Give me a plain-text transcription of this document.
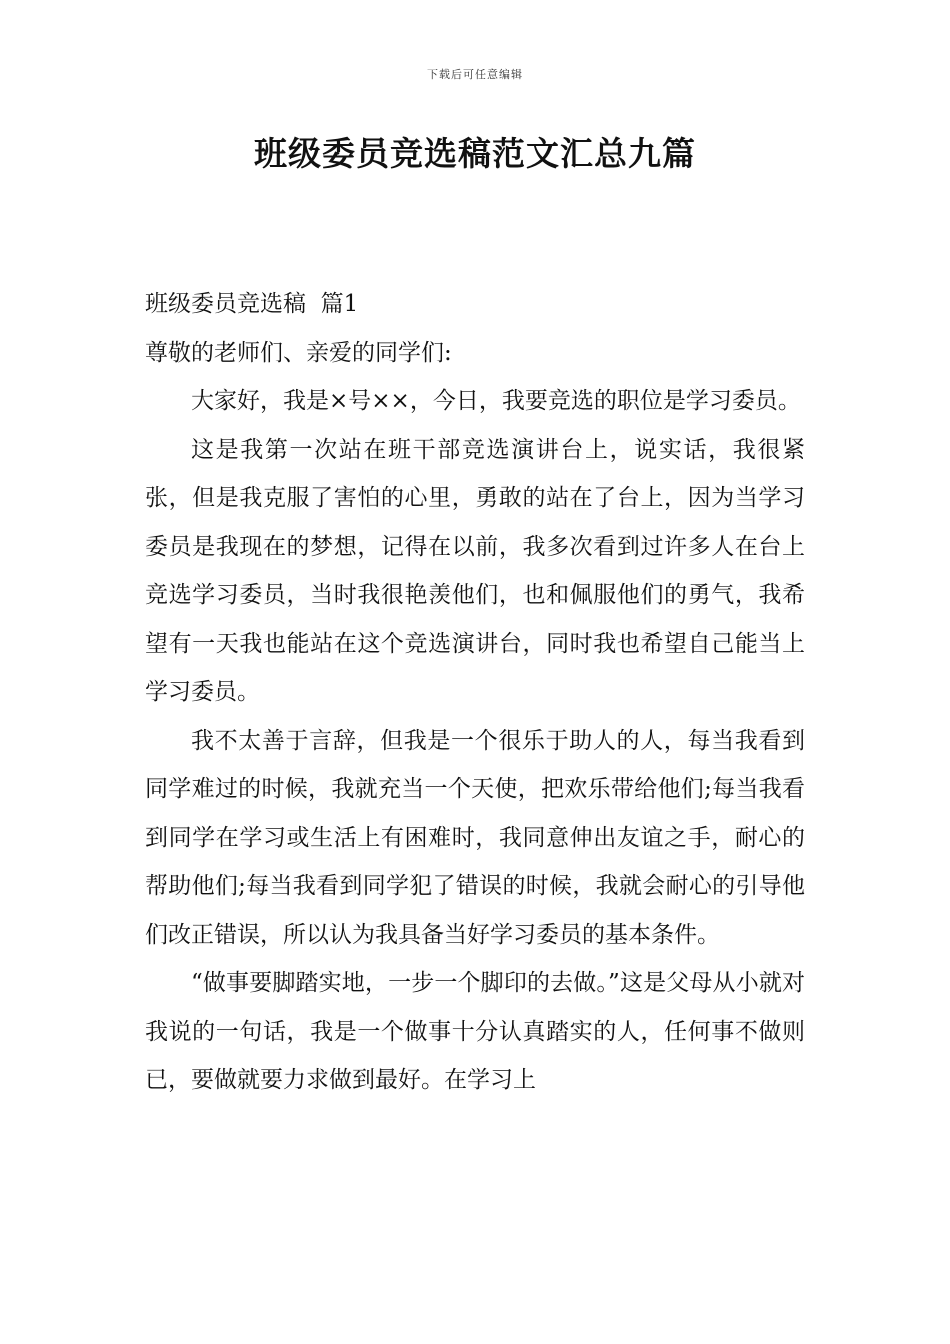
下载后可任意编辑
班级委员竞选稿范文汇总九篇

班级委员竞选稿  篇1

尊敬的老师们、亲爱的同学们:

大家好，我是×号××，今日，我要竞选的职位是学习委员。

这是我第一次站在班干部竞选演讲台上，说实话，我很紧张，但是我克服了害怕的心里，勇敢的站在了台上，因为当学习委员是我现在的梦想，记得在以前，我多次看到过许多人在台上竞选学习委员，当时我很艳羡他们，也和佩服他们的勇气，我希望有一天我也能站在这个竞选演讲台，同时我也希望自己能当上学习委员。

我不太善于言辞，但我是一个很乐于助人的人，每当我看到同学难过的时候，我就充当一个天使，把欢乐带给他们;每当我看到同学在学习或生活上有困难时，我同意伸出友谊之手，耐心的帮助他们;每当我看到同学犯了错误的时候，我就会耐心的引导他们改正错误，所以认为我具备当好学习委员的基本条件。

“做事要脚踏实地，一步一个脚印的去做。”这是父母从小就对我说的一句话，我是一个做事十分认真踏实的人，任何事不做则已，要做就要力求做到最好。在学习上
